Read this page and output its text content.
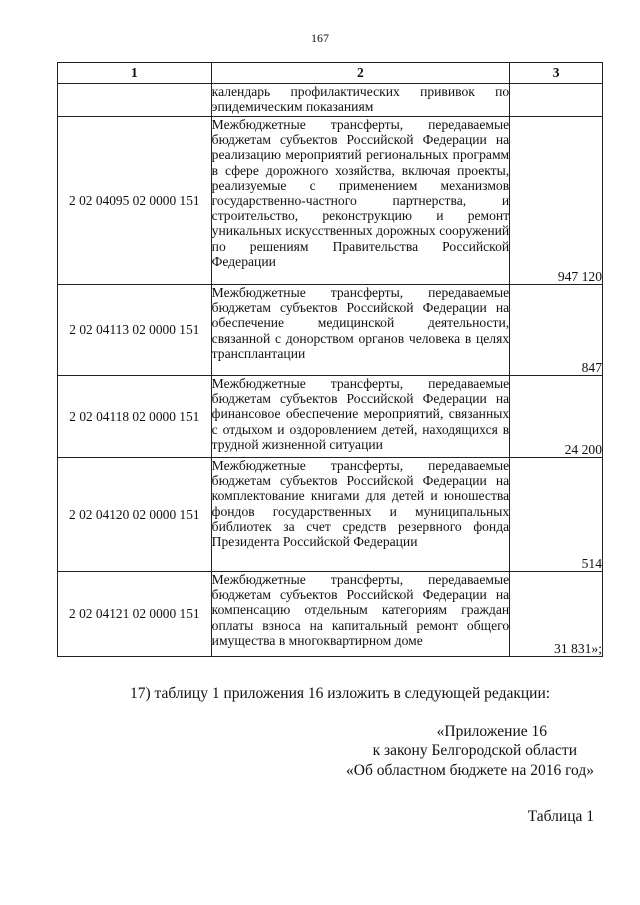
167
1	2	3
	календарь профилактических прививок по эпидемическим показаниям	
2 02 04095 02 0000 151	Межбюджетные трансферты, передаваемые бюджетам субъектов Российской Федерации на реализацию мероприятий региональных программ в сфере дорожного хозяйства, включая проекты, реализуемые с применением механизмов государственно-частного партнерства, и строительство, реконструкцию и ремонт уникальных искусственных дорожных сооружений по решениям Правительства Российской Федерации	947 120
2 02 04113 02 0000 151	Межбюджетные трансферты, передаваемые бюджетам субъектов Российской Федерации на обеспечение медицинской деятельности, связанной с донорством органов человека в целях трансплантации	847
2 02 04118 02 0000 151	Межбюджетные трансферты, передаваемые бюджетам субъектов Российской Федерации на финансовое обеспечение мероприятий, связанных с отдыхом и оздоровлением детей, находящихся в трудной жизненной ситуации	24 200
2 02 04120 02 0000 151	Межбюджетные трансферты, передаваемые бюджетам субъектов Российской Федерации на комплектование книгами для детей и юношества фондов государственных и муниципальных библиотек за счет средств резервного фонда Президента Российской Федерации	514
2 02 04121 02 0000 151	Межбюджетные трансферты, передаваемые бюджетам субъектов Российской Федерации на компенсацию отдельным категориям граждан оплаты взноса на капитальный ремонт общего имущества в многоквартирном доме	31 831»;
17) таблицу 1 приложения 16 изложить в следующей редакции:
«Приложение 16
к закону Белгородской области
«Об областном бюджете на 2016 год»
Таблица 1
